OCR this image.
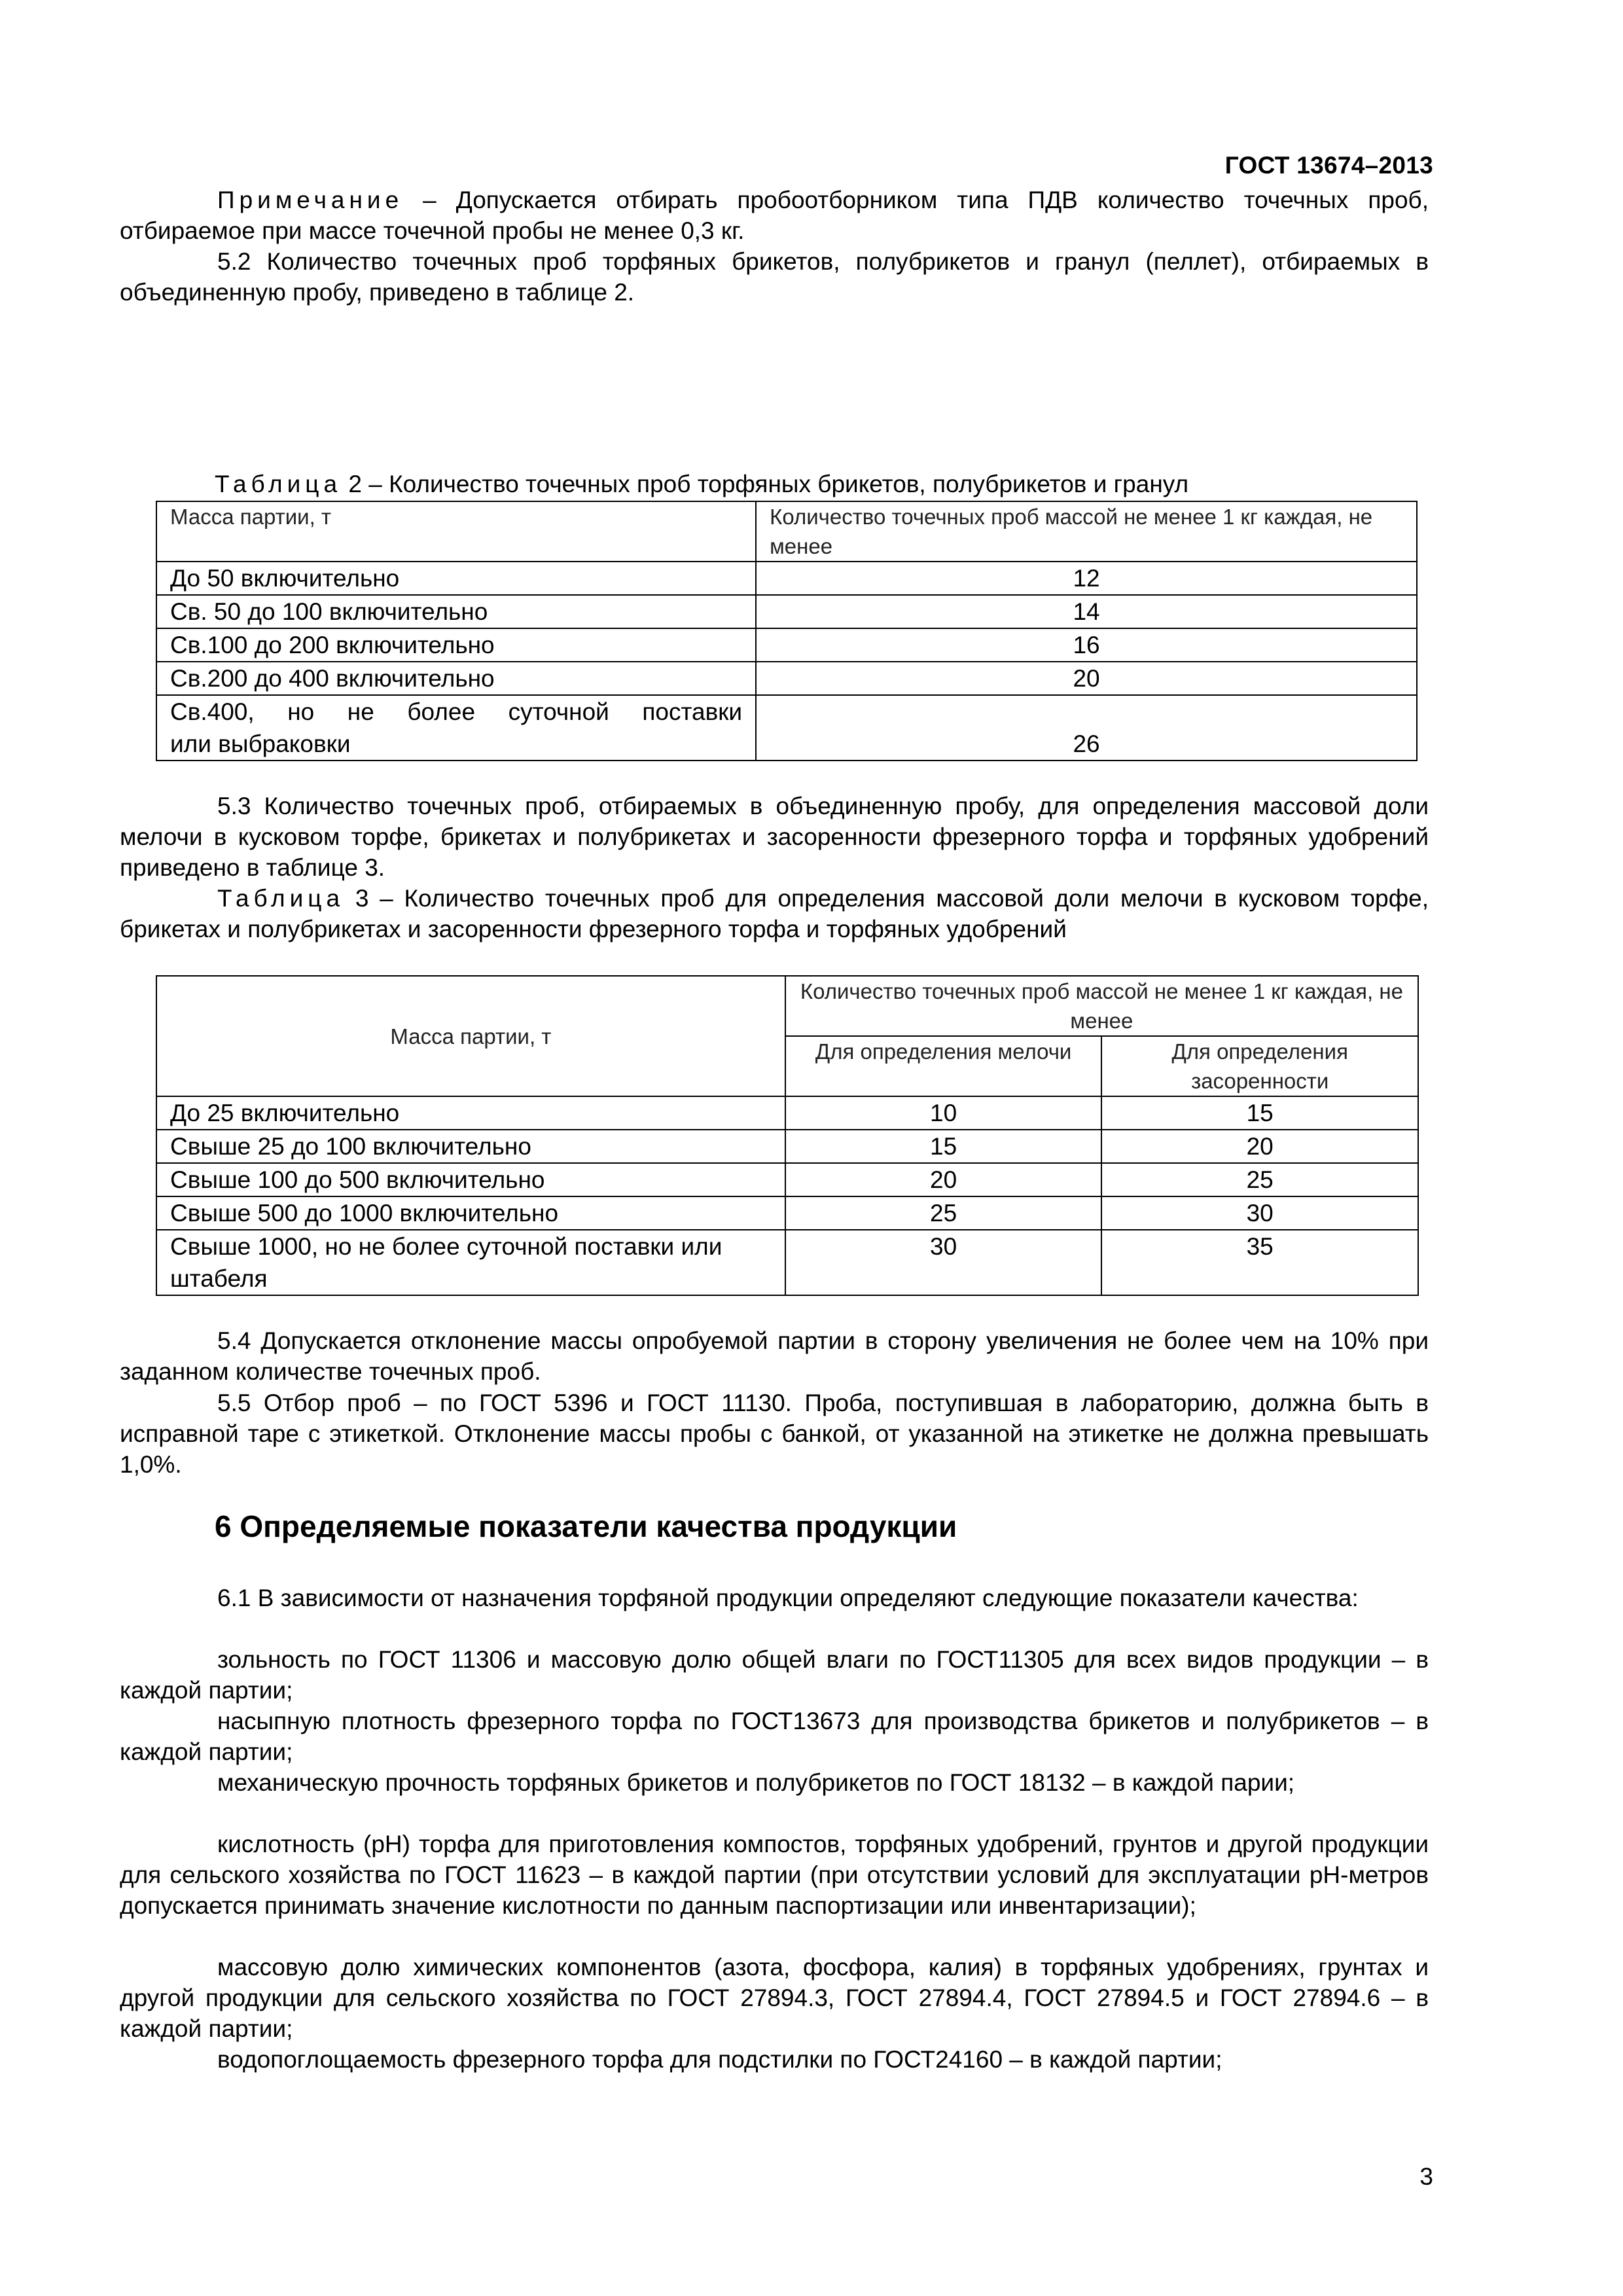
ГОСТ 13674–2013

Примечание – Допускается отбирать пробоотборником типа ПДВ количество точечных проб, отбираемое при массе точечной пробы не менее 0,3 кг.

5.2 Количество точечных проб торфяных брикетов, полубрикетов и гранул (пеллет), отбираемых в объединенную пробу, приведено в таблице 2.

Таблица 2 – Количество точечных проб торфяных брикетов, полубрикетов и гранул

Масса партии, т	Количество точечных проб массой не менее 1 кг каждая, не менее
До 50 включительно	12
Св. 50 до 100 включительно	14
Св.100 до 200 включительно	16
Св.200 до 400 включительно	20

Св.400, но не более суточной поставки
или выбраковки	26

5.3 Количество точечных проб, отбираемых в объединенную пробу, для определения массовой доли мелочи в кусковом торфе, брикетах и полубрикетах и засоренности фрезерного торфа и торфяных удобрений приведено в таблице 3.

Таблица 3 – Количество точечных проб для определения массовой доли мелочи в кусковом торфе, брикетах и полубрикетах и засоренности фрезерного торфа и торфяных удобрений

Масса партии, т	Количество точечных проб массой не менее 1 кг каждая, не менее	
	Для определения мелочи	Для определения засоренности
До 25 включительно	10	15
Свыше 25 до 100 включительно	15	20
Свыше 100 до 500 включительно	20	25
Свыше 500 до 1000 включительно	25	30
Свыше 1000, но не более суточной поставки или штабеля	30	35

5.4 Допускается отклонение массы опробуемой партии в сторону увеличения не более чем на 10% при заданном количестве точечных проб.

5.5 Отбор проб – по ГОСТ 5396 и ГОСТ 11130. Проба, поступившая в лабораторию, должна быть в исправной таре с этикеткой. Отклонение массы пробы с банкой, от указанной на этикетке не должна превышать 1,0%.

6 Определяемые показатели качества продукции

6.1 В зависимости от назначения торфяной продукции определяют следующие показатели качества:

зольность по ГОСТ 11306 и массовую долю общей влаги по ГОСТ11305 для всех видов продукции – в каждой партии;

насыпную плотность фрезерного торфа по ГОСТ13673 для производства брикетов и полубрикетов – в каждой партии;

механическую прочность торфяных брикетов и полубрикетов по ГОСТ 18132 – в каждой парии;

кислотность (рН) торфа для приготовления компостов, торфяных удобрений, грунтов и другой продукции для сельского хозяйства по ГОСТ 11623 – в каждой партии (при отсутствии условий для эксплуатации рН-метров допускается принимать значение кислотности по данным паспортизации или инвентаризации);

массовую долю химических компонентов (азота, фосфора, калия) в торфяных удобрениях, грунтах и другой продукции для сельского хозяйства по ГОСТ 27894.3, ГОСТ 27894.4, ГОСТ 27894.5 и ГОСТ 27894.6 – в каждой партии;

водопоглощаемость фрезерного торфа для подстилки по ГОСТ24160 – в каждой партии;

3
